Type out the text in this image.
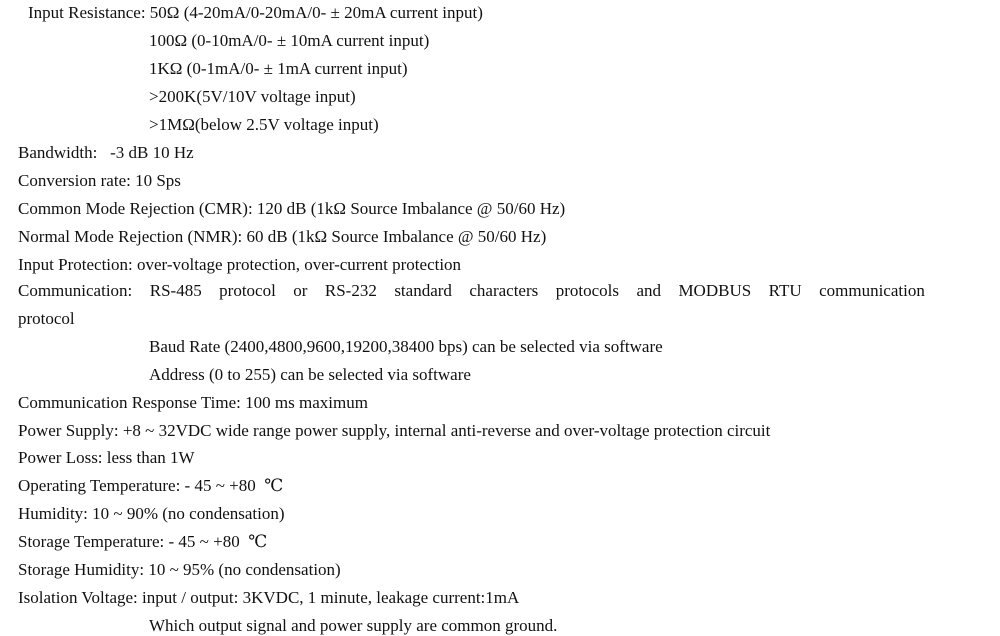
Input Resistance: 50Ω (4-20mA/0-20mA/0- ± 20mA current input)
100Ω (0-10mA/0- ± 10mA current input)
1KΩ (0-1mA/0- ± 1mA current input)
>200K(5V/10V voltage input)
>1MΩ(below 2.5V voltage input)
Bandwidth:   -3 dB 10 Hz
Conversion rate: 10 Sps
Common Mode Rejection (CMR): 120 dB (1kΩ Source Imbalance @ 50/60 Hz)
Normal Mode Rejection (NMR): 60 dB (1kΩ Source Imbalance @ 50/60 Hz)
Input Protection: over-voltage protection, over-current protection
Communication: RS-485 protocol or RS-232 standard characters protocols and MODBUS RTU communication
protocol
Baud Rate (2400,4800,9600,19200,38400 bps) can be selected via software
Address (0 to 255) can be selected via software
Communication Response Time: 100 ms maximum
Power Supply: +8 ~ 32VDC wide range power supply, internal anti-reverse and over-voltage protection circuit
Power Loss: less than 1W
Operating Temperature: - 45 ~ +80  ℃
Humidity: 10 ~ 90% (no condensation)
Storage Temperature: - 45 ~ +80  ℃
Storage Humidity: 10 ~ 95% (no condensation)
Isolation Voltage: input / output: 3KVDC, 1 minute, leakage current:1mA
Which output signal and power supply are common ground.
